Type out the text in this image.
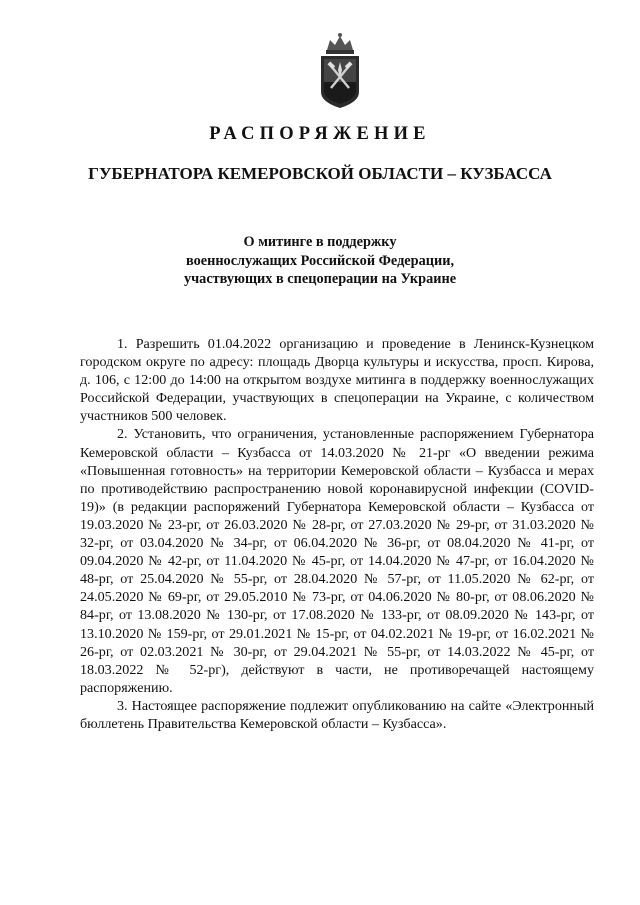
РАСПОРЯЖЕНИЕ
ГУБЕРНАТОРА КЕМЕРОВСКОЙ ОБЛАСТИ – КУЗБАССА
О митинге в поддержку
военнослужащих Российской Федерации,
участвующих в спецоперации на Украине

1. Разрешить 01.04.2022 организацию и проведение в Ленинск-Кузнецком городском округе по адресу: площадь Дворца культуры и искусства, просп. Кирова, д. 106, с 12:00 до 14:00 на открытом воздухе митинга в поддержку военнослужащих Российской Федерации, участвующих в спецоперации на Украине, с количеством участников 500 человек.

2. Установить, что ограничения, установленные распоряжением Губернатора Кемеровской области – Кузбасса от 14.03.2020 № 21-рг «О введении режима «Повышенная готовность» на территории Кемеровской области – Кузбасса и мерах по противодействию распространению новой коронавирусной инфекции (COVID-19)» (в редакции распоряжений Губернатора Кемеровской области – Кузбасса от 19.03.2020 № 23-рг, от 26.03.2020 № 28-рг, от 27.03.2020 № 29-рг, от 31.03.2020 № 32-рг, от 03.04.2020 № 34-рг, от 06.04.2020 № 36-рг, от 08.04.2020 № 41-рг, от 09.04.2020 № 42-рг, от 11.04.2020 № 45-рг, от 14.04.2020 № 47-рг, от 16.04.2020 № 48-рг, от 25.04.2020 № 55-рг, от 28.04.2020 № 57-рг, от 11.05.2020 № 62-рг, от 24.05.2020 № 69-рг, от 29.05.2010 № 73-рг, от 04.06.2020 № 80-рг, от 08.06.2020 № 84-рг, от 13.08.2020 № 130-рг, от 17.08.2020 № 133-рг, от 08.09.2020 № 143-рг, от 13.10.2020 № 159-рг, от 29.01.2021 № 15-рг, от 04.02.2021 № 19-рг, от 16.02.2021 № 26-рг, от 02.03.2021 № 30-рг, от 29.04.2021 № 55-рг, от 14.03.2022 № 45-рг, от 18.03.2022 № 52-рг), действуют в части, не противоречащей настоящему распоряжению.

3. Настоящее распоряжение подлежит опубликованию на сайте «Электронный бюллетень Правительства Кемеровской области – Кузбасса».
